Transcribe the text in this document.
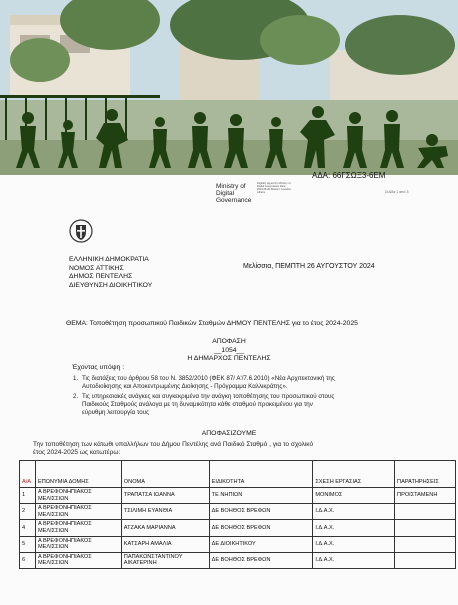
ΑΔΑ: 66ΓΣΩΞ3-6ΕΜ
Ministry of
Digital
Governance
Digitally signed by Ministry of Digital Governance Date: 2024.08.26 Reason: Location: Athens	Σελίδα 1 από 3
ΕΛΛΗΝΙΚΗ ΔΗΜΟΚΡΑΤΙΑ
ΝΟΜΟΣ ΑΤΤΙΚΗΣ
ΔΗΜΟΣ ΠΕΝΤΕΛΗΣ
ΔΙΕΥΘΥΝΣΗ ΔΙΟΙΚΗΤΙΚΟΥ
Μελίσσια, ΠΕΜΠΤΗ 26 ΑΥΓΟΥΣΤΟΥ 2024
ΘΕΜΑ: Τοποθέτηση προσωπικού Παιδικών Σταθμών ΔΗΜΟΥ ΠΕΝΤΕΛΗΣ για το έτος 2024-2025
ΑΠΟΦΑΣΗ
__1054__
Η ΔΗΜΑΡΧΟΣ ΠΕΝΤΕΛΗΣ
Έχοντας υπόψη :
1. Τις διατάξεις του άρθρου 58 του Ν. 3852/2010 (ΦΕΚ 87/ Α'/7.6.2010) «Νέα Αρχιτεκτονική της
Αυτοδιοίκησης και Αποκεντρωμένης Διοίκησης - Πρόγραμμα Καλλικράτης».
2. Τις υπηρεσιακές ανάγκες και συγκεκριμένα την ανάγκη τοποθέτησης του προσωπικού στους
Παιδικούς Σταθμούς ανάλογα με τη δυναμικότητα κάθε σταθμού προκειμένου για την
εύρυθμη λειτουργία τους
ΑΠΟΦΑΣΙΖΟΥΜΕ
Την τοποθέτηση των κάτωθι υπαλλήλων του Δήμου Πεντέλης ανά Παιδικό Σταθμό , για το σχολικό
έτος 2024-2025 ως κατωτέρω:
Α/Α	ΕΠΩΝΥΜΙΑ ΔΟΜΗΣ	ΟΝΟΜΑ	ΕΙΔΙΚΟΤΗΤΑ	ΣΧΕΣΗ ΕΡΓΑΣΙΑΣ	ΠΑΡΑΤΗΡΗΣΕΙΣ
1	Α ΒΡΕΦΟΝΗΠΙΑΚΟΣ ΜΕΛΙΣΣΙΩΝ	ΤΡΑΠΑΤΣΑ ΙΩΑΝΝΑ	ΤΕ ΝΗΠΙΩΝ	ΜΟΝΙΜΟΣ	ΠΡΟΙΣΤΑΜΕΝΗ
2	Α ΒΡΕΦΟΝΗΠΙΑΚΟΣ ΜΕΛΙΣΣΙΩΝ	ΤΣΙΛΙΜΗ ΕΥΑΝΘΙΑ	ΔΕ ΒΟΗΘΟΣ ΒΡΕΦΩΝ	Ι.Δ.Α.Χ.	
4	Α ΒΡΕΦΟΝΗΠΙΑΚΟΣ ΜΕΛΙΣΣΙΩΝ	ΑΤΖΑΚΑ ΜΑΡΙΑΝΝΑ	ΔΕ ΒΟΗΘΟΣ ΒΡΕΦΩΝ	Ι.Δ.Α.Χ.	
5	Α ΒΡΕΦΟΝΗΠΙΑΚΟΣ ΜΕΛΙΣΣΙΩΝ	ΚΑΤΣΑΡΗ ΑΜΑΛΙΑ	ΔΕ ΔΙΟΙΚΗΤΙΚΟΥ	Ι.Δ.Α.Χ.	
6	Α ΒΡΕΦΟΝΗΠΙΑΚΟΣ ΜΕΛΙΣΣΙΩΝ	ΠΑΠΑΚΩΝΣΤΑΝΤΙΝΟΥ ΑΙΚΑΤΕΡΙΝΗ	ΔΕ ΒΟΗΘΟΣ ΒΡΕΦΩΝ	Ι.Δ.Α.Χ.	
